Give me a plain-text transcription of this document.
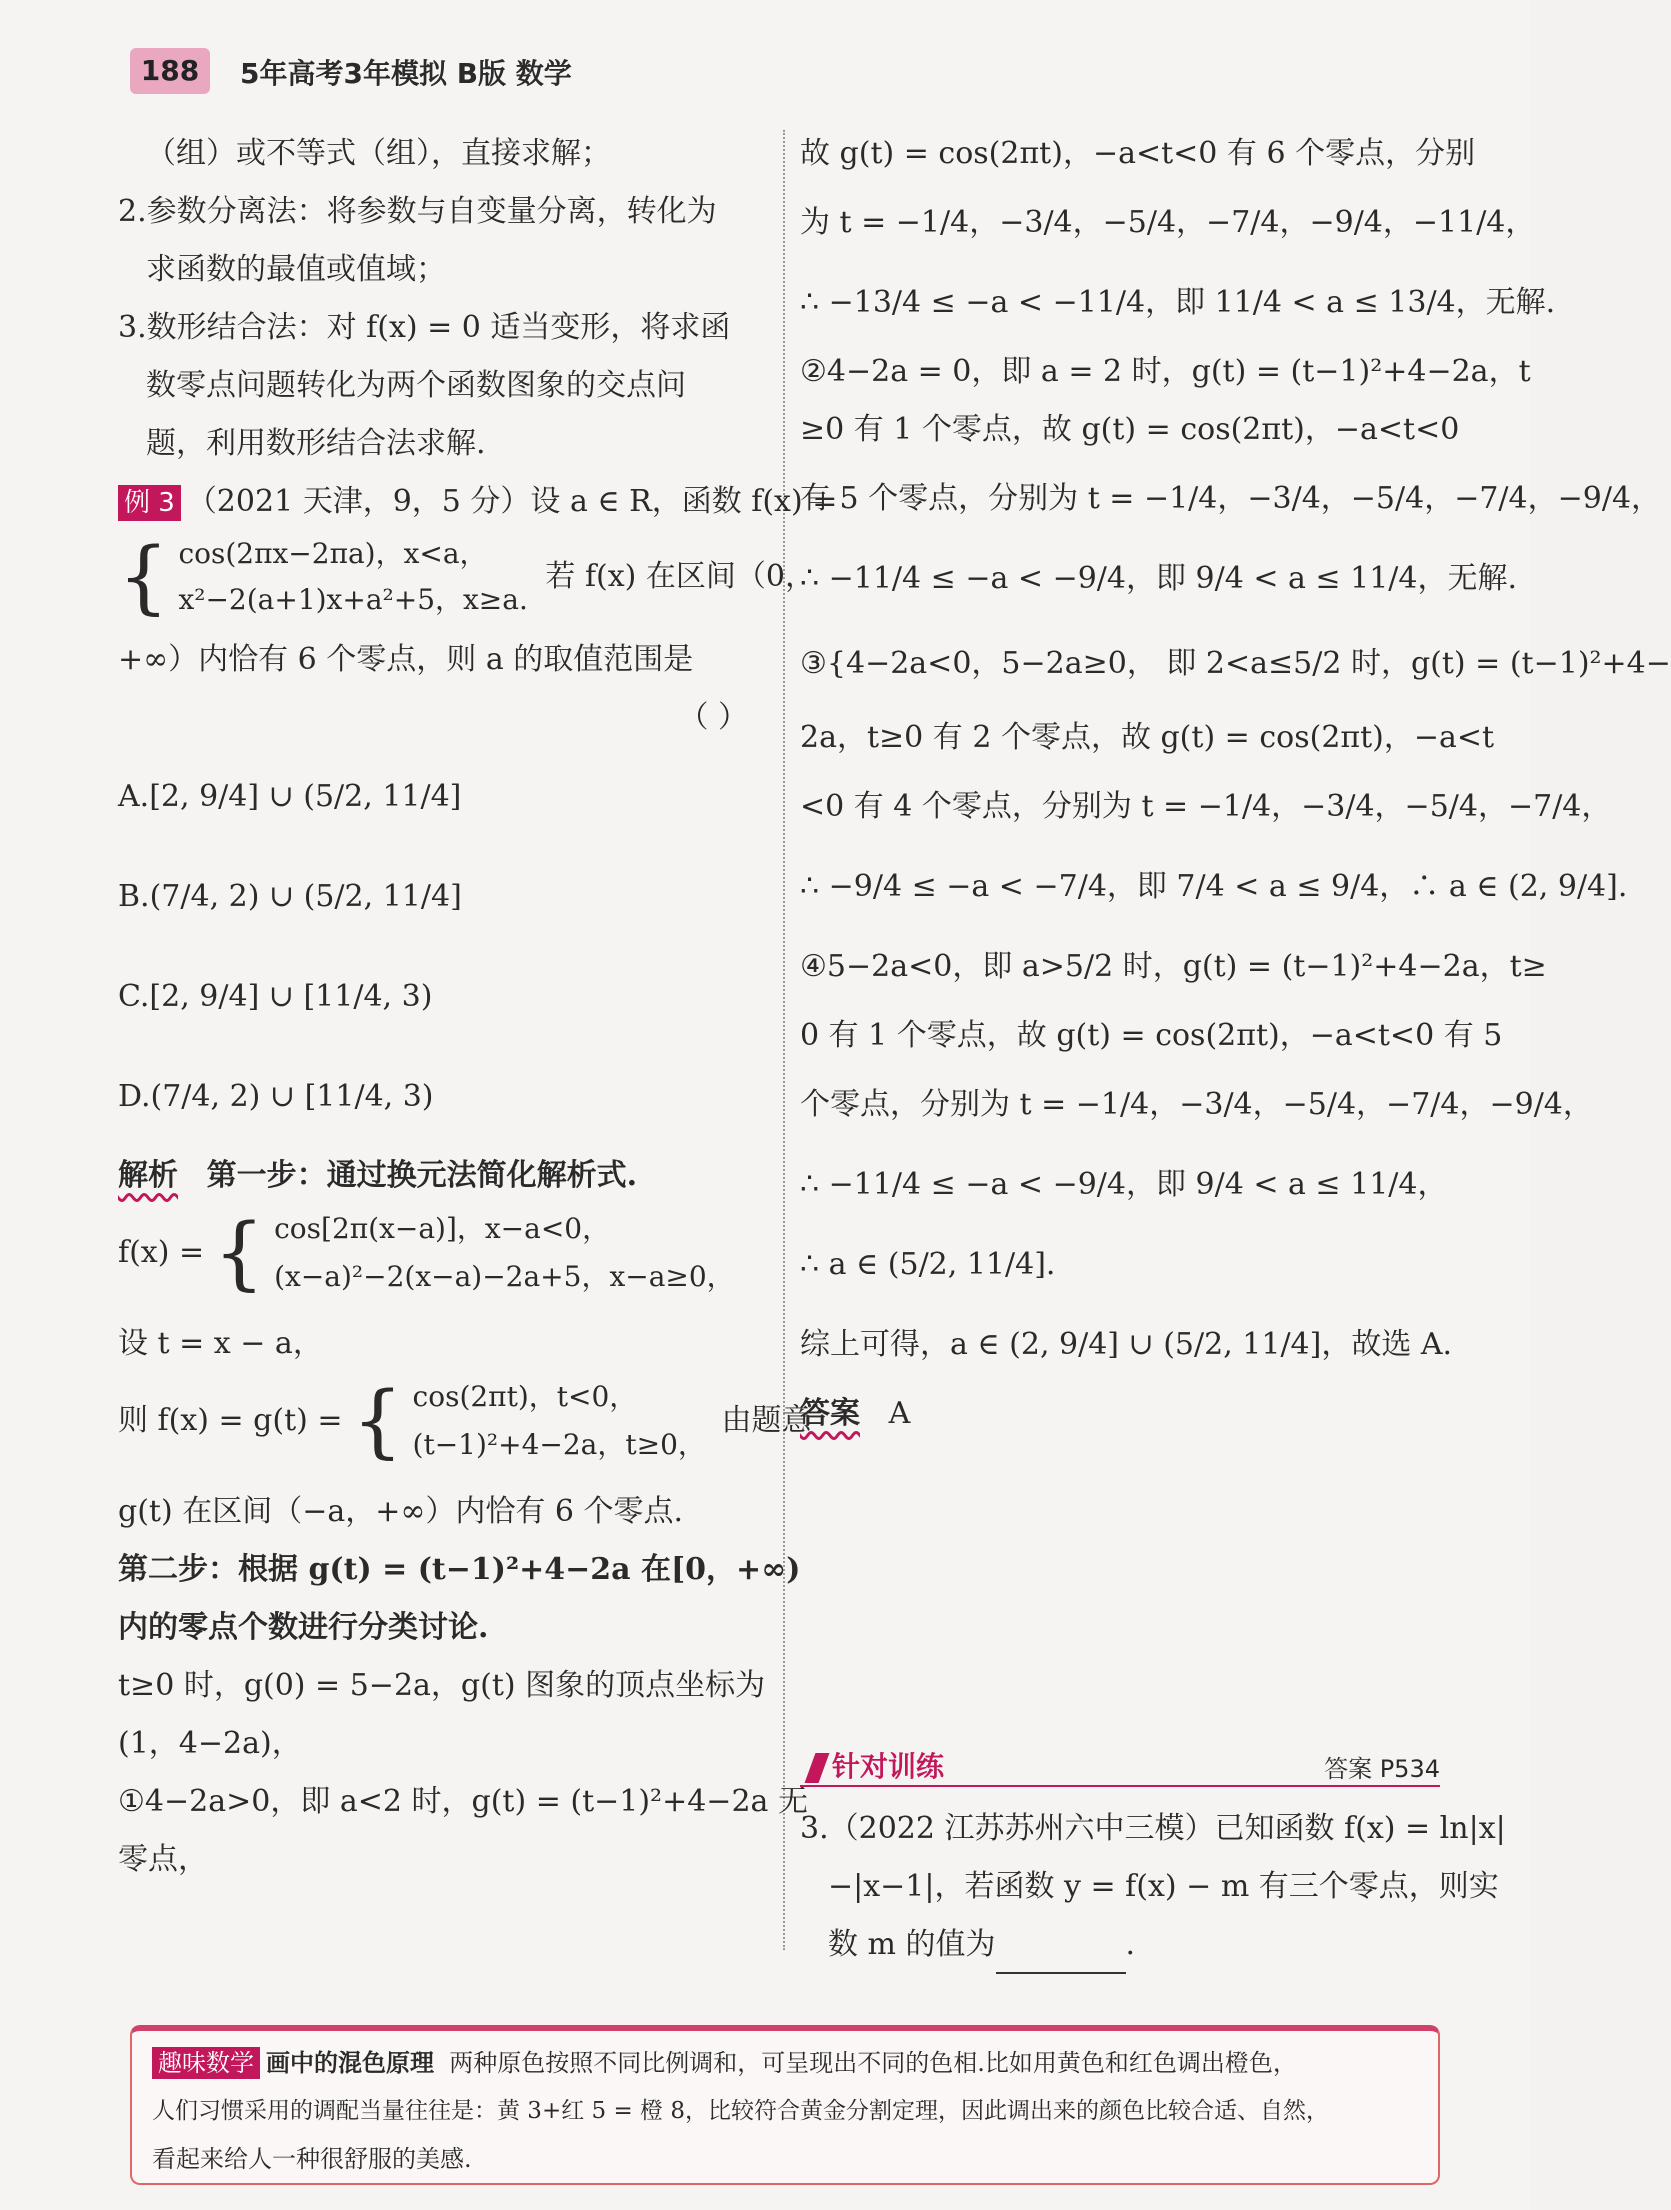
188	5年高考3年模拟 B版 数学
（组）或不等式（组），直接求解；
2.参数分离法：将参数与自变量分离，转化为
求函数的最值或值域；
3.数形结合法：对 f(x) = 0 适当变形，将求函
数零点问题转化为两个函数图象的交点问
题，利用数形结合法求解.
例 3 （2021 天津，9，5 分）设 a ∈ R，函数 f(x) =
{ cos(2πx−2πa)，x<a，
x²−2(a+1)x+a²+5，x≥a.
若 f(x) 在区间（0，
+∞）内恰有 6 个零点，则 a 的取值范围是
（ ）
A.[2, 9/4] ∪ (5/2, 11/4]
B.(7/4, 2) ∪ (5/2, 11/4]
C.[2, 9/4] ∪ [11/4, 3)
D.(7/4, 2) ∪ [11/4, 3)
解析 第一步：通过换元法简化解析式.
f(x) = { cos[2π(x−a)]，x−a<0，
(x−a)²−2(x−a)−2a+5，x−a≥0，
设 t = x − a，
则 f(x) = g(t) = { cos(2πt)，t<0，
(t−1)²+4−2a，t≥0，
由题意
g(t) 在区间（−a，+∞）内恰有 6 个零点.
第二步：根据 g(t) = (t−1)²+4−2a 在[0，+∞)
内的零点个数进行分类讨论.
t≥0 时，g(0) = 5−2a，g(t) 图象的顶点坐标为
(1，4−2a)，
①4−2a>0，即 a<2 时，g(t) = (t−1)²+4−2a 无
零点，
故 g(t) = cos(2πt)，−a<t<0 有 6 个零点，分别
为 t = −1/4，−3/4，−5/4，−7/4，−9/4，−11/4，
∴ −13/4 ≤ −a < −11/4，即 11/4 < a ≤ 13/4，无解.
②4−2a = 0，即 a = 2 时，g(t) = (t−1)²+4−2a，t
≥0 有 1 个零点，故 g(t) = cos(2πt)，−a<t<0
有 5 个零点，分别为 t = −1/4，−3/4，−5/4，−7/4，−9/4，
∴ −11/4 ≤ −a < −9/4，即 9/4 < a ≤ 11/4，无解.
③{4−2a<0，5−2a≥0， 即 2<a≤5/2 时，g(t) = (t−1)²+4−
2a，t≥0 有 2 个零点，故 g(t) = cos(2πt)，−a<t
<0 有 4 个零点，分别为 t = −1/4，−3/4，−5/4，−7/4，
∴ −9/4 ≤ −a < −7/4，即 7/4 < a ≤ 9/4，∴ a ∈ (2, 9/4].
④5−2a<0，即 a>5/2 时，g(t) = (t−1)²+4−2a，t≥
0 有 1 个零点，故 g(t) = cos(2πt)，−a<t<0 有 5
个零点，分别为 t = −1/4，−3/4，−5/4，−7/4，−9/4，
∴ −11/4 ≤ −a < −9/4，即 9/4 < a ≤ 11/4，
∴ a ∈ (5/2, 11/4].
综上可得，a ∈ (2, 9/4] ∪ (5/2, 11/4]，故选 A.
答案 A
针对训练	答案 P534
3.（2022 江苏苏州六中三模）已知函数 f(x) = ln|x|
−|x−1|，若函数 y = f(x) − m 有三个零点，则实
数 m 的值为	.
趣味数学 画中的混色原理 两种原色按照不同比例调和，可呈现出不同的色相.比如用黄色和红色调出橙色，
人们习惯采用的调配当量往往是：黄 3+红 5 = 橙 8，比较符合黄金分割定理，因此调出来的颜色比较合适、自然，
看起来给人一种很舒服的美感.
